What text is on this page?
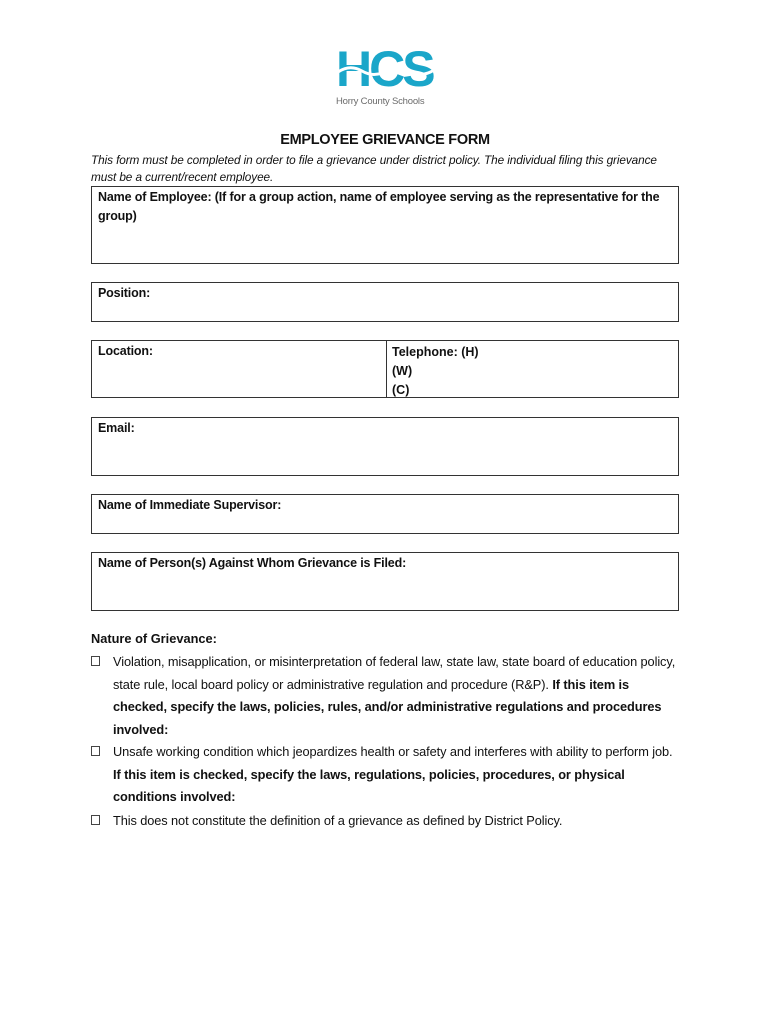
HCS
Horry County Schools
EMPLOYEE GRIEVANCE FORM
This form must be completed in order to file a grievance under district policy. The individual filing this grievance must be a current/recent employee.
Name of Employee: (If for a group action, name of employee serving as the representative for the group)
Position:
Location:	Telephone: (H)
(W)
(C)
Email:
Name of Immediate Supervisor:
Name of Person(s) Against Whom Grievance is Filed:
Nature of Grievance:
Violation, misapplication, or misinterpretation of federal law, state law, state board of education policy, state rule, local board policy or administrative regulation and procedure (R&P). If this item is checked, specify the laws, policies, rules, and/or administrative regulations and procedures involved:
Unsafe working condition which jeopardizes health or safety and interferes with ability to perform job. If this item is checked, specify the laws, regulations, policies, procedures, or physical conditions involved:
This does not constitute the definition of a grievance as defined by District Policy.
